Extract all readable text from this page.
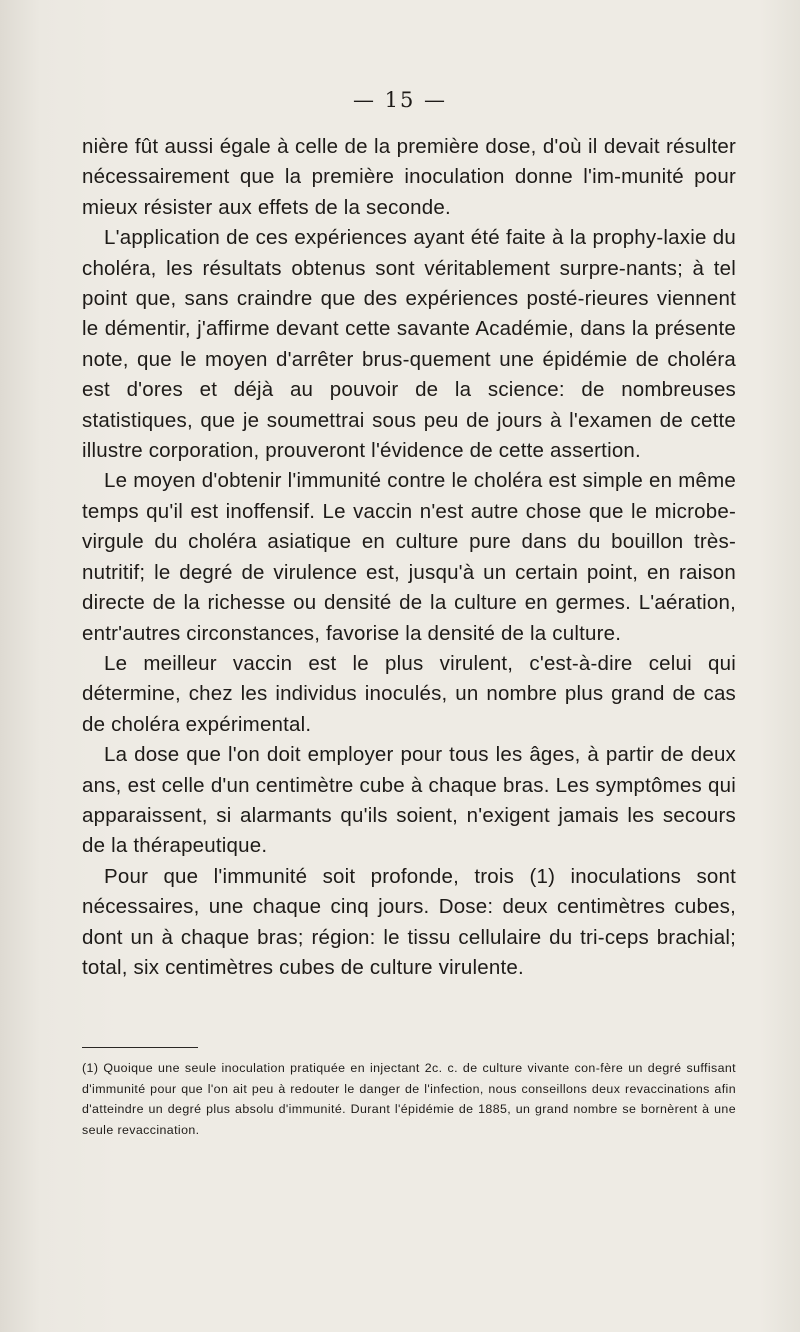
— 15 —

nière fût aussi égale à celle de la première dose, d'où il devait résulter nécessairement que la première inoculation donne l'im-munité pour mieux résister aux effets de la seconde.

L'application de ces expériences ayant été faite à la prophy-laxie du choléra, les résultats obtenus sont véritablement surpre-nants; à tel point que, sans craindre que des expériences posté-rieures viennent le démentir, j'affirme devant cette savante Académie, dans la présente note, que le moyen d'arrêter brus-quement une épidémie de choléra est d'ores et déjà au pouvoir de la science: de nombreuses statistiques, que je soumettrai sous peu de jours à l'examen de cette illustre corporation, prouveront l'évidence de cette assertion.

Le moyen d'obtenir l'immunité contre le choléra est simple en même temps qu'il est inoffensif. Le vaccin n'est autre chose que le microbe-virgule du choléra asiatique en culture pure dans du bouillon très-nutritif; le degré de virulence est, jusqu'à un certain point, en raison directe de la richesse ou densité de la culture en germes. L'aération, entr'autres circonstances, favorise la densité de la culture.

Le meilleur vaccin est le plus virulent, c'est-à-dire celui qui détermine, chez les individus inoculés, un nombre plus grand de cas de choléra expérimental.

La dose que l'on doit employer pour tous les âges, à partir de deux ans, est celle d'un centimètre cube à chaque bras. Les symptômes qui apparaissent, si alarmants qu'ils soient, n'exigent jamais les secours de la thérapeutique.

Pour que l'immunité soit profonde, trois (1) inoculations sont nécessaires, une chaque cinq jours. Dose: deux centimètres cubes, dont un à chaque bras; région: le tissu cellulaire du tri-ceps brachial; total, six centimètres cubes de culture virulente.

(1) Quoique une seule inoculation pratiquée en injectant 2c. c. de culture vivante con-fère un degré suffisant d'immunité pour que l'on ait peu à redouter le danger de l'infection, nous conseillons deux revaccinations afin d'atteindre un degré plus absolu d'immunité. Durant l'épidémie de 1885, un grand nombre se bornèrent à une seule revaccination.
